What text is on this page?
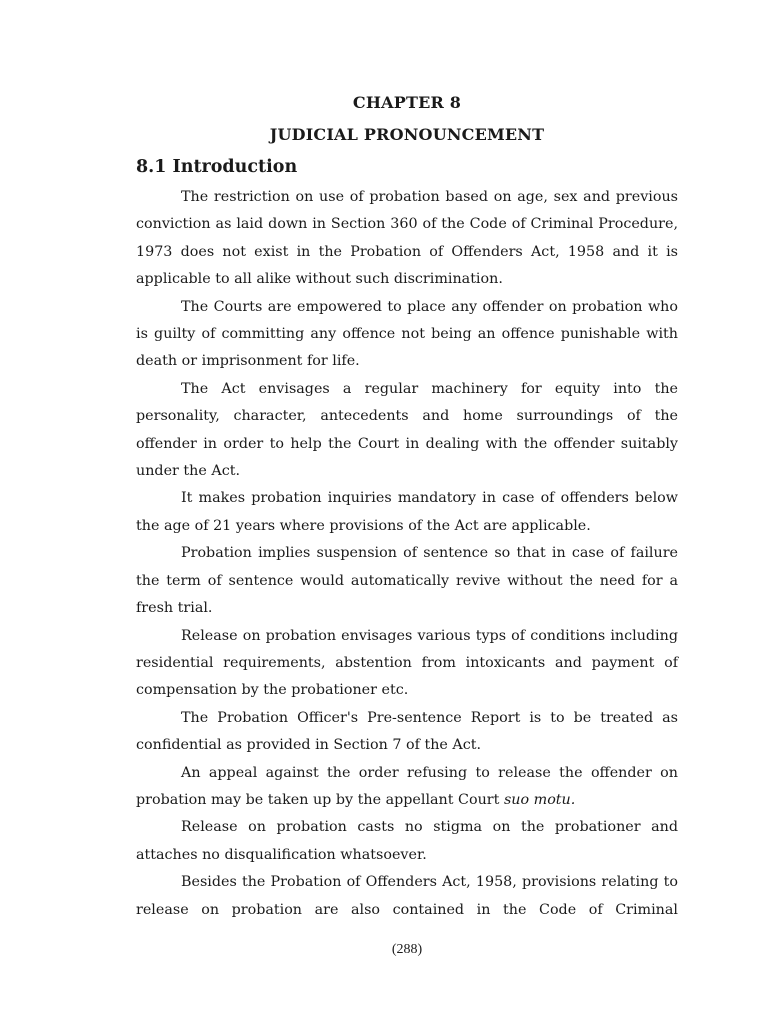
CHAPTER 8
JUDICIAL PRONOUNCEMENT
8.1 Introduction

The restriction on use of probation based on age, sex and previous conviction as laid down in Section 360 of the Code of Criminal Procedure, 1973 does not exist in the Probation of Offenders Act, 1958 and it is applicable to all alike without such discrimination.

The Courts are empowered to place any offender on probation who is guilty of committing any offence not being an offence punishable with death or imprisonment for life.

The Act envisages a regular machinery for equity into the personality, character, antecedents and home surroundings of the offender in order to help the Court in dealing with the offender suitably under the Act.

It makes probation inquiries mandatory in case of offenders below the age of 21 years where provisions of the Act are applicable.

Probation implies suspension of sentence so that in case of failure the term of sentence would automatically revive without the need for a fresh trial.

Release on probation envisages various typs of conditions including residential requirements, abstention from intoxicants and payment of compensation by the probationer etc.

The Probation Officer's Pre-sentence Report is to be treated as confidential as provided in Section 7 of the Act.

An appeal against the order refusing to release the offender on probation may be taken up by the appellant Court suo motu.

Release on probation casts no stigma on the probationer and attaches no disqualification whatsoever.

Besides the Probation of Offenders Act, 1958, provisions relating to release on probation are also contained in the Code of Criminal

(288)
